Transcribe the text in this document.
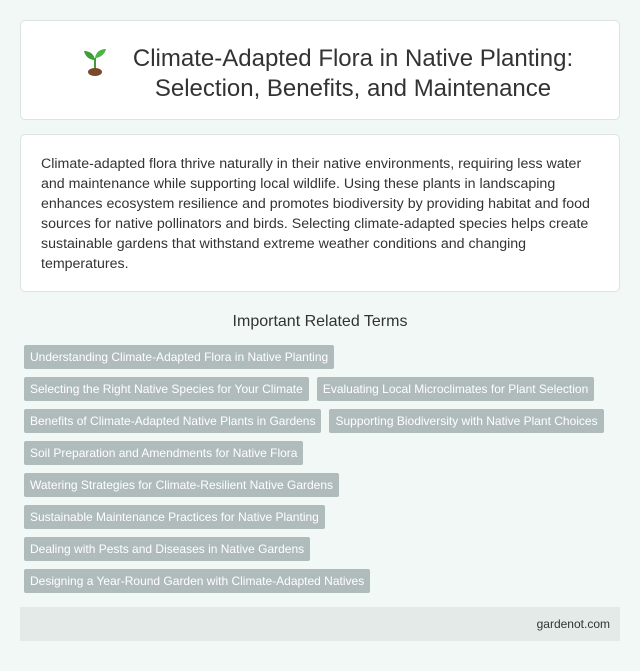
Climate-Adapted Flora in Native Planting: Selection, Benefits, and Maintenance

Climate-adapted flora thrive naturally in their native environments, requiring less water and maintenance while supporting local wildlife. Using these plants in landscaping enhances ecosystem resilience and promotes biodiversity by providing habitat and food sources for native pollinators and birds. Selecting climate-adapted species helps create sustainable gardens that withstand extreme weather conditions and changing temperatures.

Important Related Terms
Understanding Climate-Adapted Flora in Native Planting
Selecting the Right Native Species for Your Climate	Evaluating Local Microclimates for Plant Selection
Benefits of Climate-Adapted Native Plants in Gardens	Supporting Biodiversity with Native Plant Choices
Soil Preparation and Amendments for Native Flora
Watering Strategies for Climate-Resilient Native Gardens
Sustainable Maintenance Practices for Native Planting
Dealing with Pests and Diseases in Native Gardens
Designing a Year-Round Garden with Climate-Adapted Natives
gardenot.com
